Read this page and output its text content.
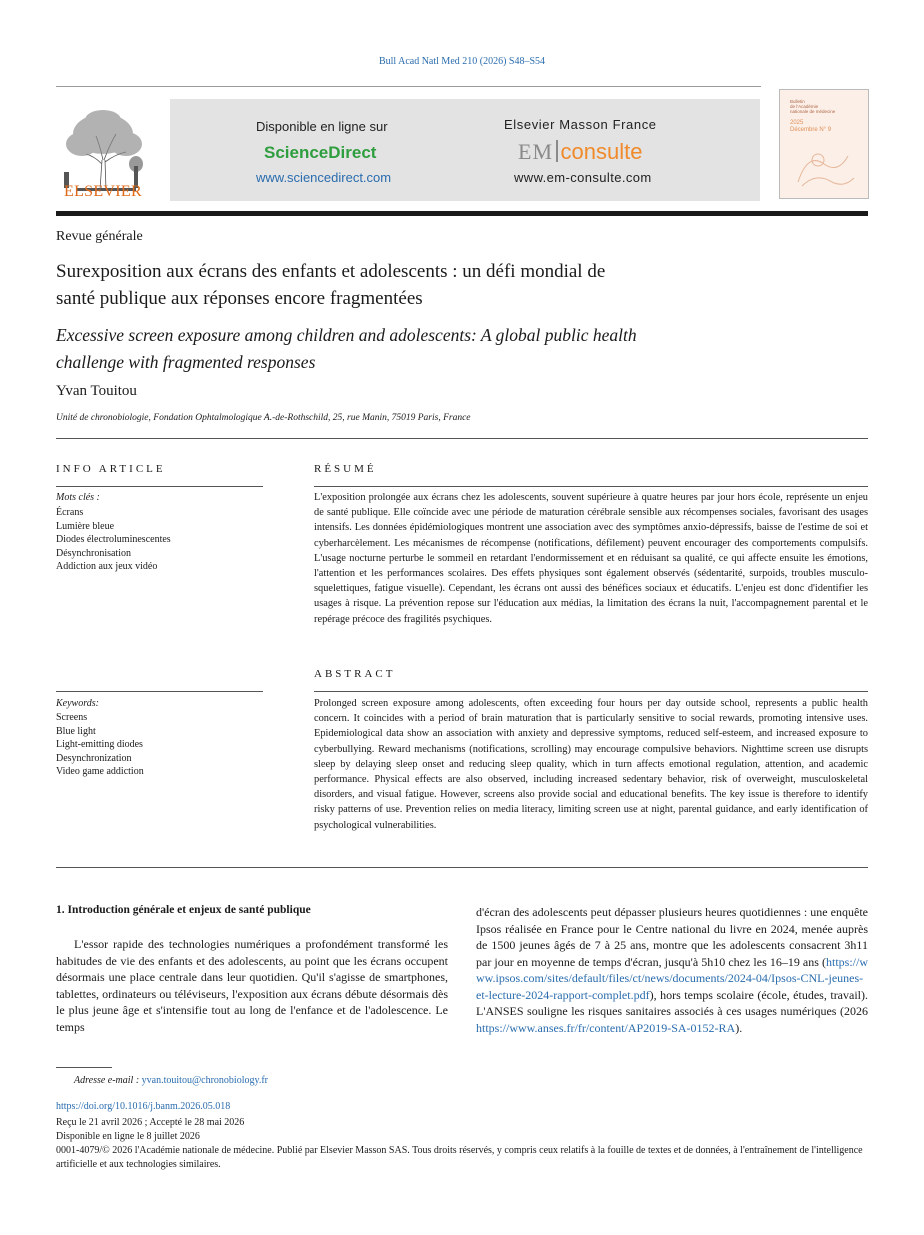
Bull Acad Natl Med 210 (2026) S48–S54
ELSEVIER
Disponible en ligne sur
ScienceDirect
www.sciencedirect.com
Elsevier Masson France
EM consulte
www.em-consulte.com
Bulletin
de l'Académie
nationale de médecine
2025
Décembre N° 9
Revue générale
Surexposition aux écrans des enfants et adolescents : un défi mondial de
santé publique aux réponses encore fragmentées
Excessive screen exposure among children and adolescents: A global public health
challenge with fragmented responses
Yvan Touitou
Unité de chronobiologie, Fondation Ophtalmologique A.-de-Rothschild, 25, rue Manin, 75019 Paris, France
INFO ARTICLE
Mots clés :
Écrans
Lumière bleue
Diodes électroluminescentes
Désynchronisation
Addiction aux jeux vidéo
Keywords:
Screens
Blue light
Light-emitting diodes
Desynchronization
Video game addiction
RÉSUMÉ
L'exposition prolongée aux écrans chez les adolescents, souvent supérieure à quatre heures par jour hors école, représente un enjeu de santé publique. Elle coïncide avec une période de maturation cérébrale sensible aux récompenses sociales, favorisant des usages intensifs. Les données épidémiologiques montrent une association avec des symptômes anxio-dépressifs, baisse de l'estime de soi et cyberharcèlement. Les mécanismes de récompense (notifications, défilement) peuvent encourager des comportements compulsifs. L'usage nocturne perturbe le sommeil en retardant l'endormissement et en réduisant sa qualité, ce qui affecte ensuite les émotions, l'attention et les performances scolaires. Des effets physiques sont également observés (sédentarité, surpoids, troubles musculo-squelettiques, fatigue visuelle). Cependant, les écrans ont aussi des bénéfices sociaux et éducatifs. L'enjeu est donc d'identifier les usages à risque. La prévention repose sur l'éducation aux médias, la limitation des écrans la nuit, l'accompagnement parental et le repérage précoce des fragilités psychiques.
ABSTRACT
Prolonged screen exposure among adolescents, often exceeding four hours per day outside school, represents a public health concern. It coincides with a period of brain maturation that is particularly sensitive to social rewards, promoting intensive uses. Epidemiological data show an association with anxiety and depressive symptoms, reduced self-esteem, and increased exposure to cyberbullying. Reward mechanisms (notifications, scrolling) may encourage compulsive behaviors. Nighttime screen use disrupts sleep by delaying sleep onset and reducing sleep quality, which in turn affects emotional regulation, attention, and academic performance. Physical effects are also observed, including increased sedentary behavior, risk of overweight, musculoskeletal disorders, and visual fatigue. However, screens also provide social and educational benefits. The key issue is therefore to identify risky patterns of use. Prevention relies on media literacy, limiting screen use at night, parental guidance, and early identification of psychological vulnerabilities.
1. Introduction générale et enjeux de santé publique
L'essor rapide des technologies numériques a profondément transformé les habitudes de vie des enfants et des adolescents, au point que les écrans occupent désormais une place centrale dans leur quotidien. Qu'il s'agisse de smartphones, tablettes, ordinateurs ou téléviseurs, l'exposition aux écrans débute désormais dès le plus jeune âge et s'intensifie tout au long de l'enfance et de l'adolescence. Le temps
d'écran des adolescents peut dépasser plusieurs heures quotidiennes : une enquête Ipsos réalisée en France pour le Centre national du livre en 2024, menée auprès de 1500 jeunes âgés de 7 à 25 ans, montre que les adolescents consacrent 3h11 par jour en moyenne de temps d'écran, jusqu'à 5h10 chez les 16–19 ans (https://www.ipsos.com/sites/default/files/ct/news/documents/2024-04/Ipsos-CNL-jeunes-et-lecture-2024-rapport-complet.pdf), hors temps scolaire (école, études, travail). L'ANSES souligne les risques sanitaires associés à ces usages numériques (2026 https://www.anses.fr/fr/content/AP2019-SA-0152-RA).
Adresse e-mail : yvan.touitou@chronobiology.fr
https://doi.org/10.1016/j.banm.2026.05.018
Reçu le 21 avril 2026 ; Accepté le 28 mai 2026
Disponible en ligne le 8 juillet 2026
0001-4079/© 2026 l'Académie nationale de médecine. Publié par Elsevier Masson SAS. Tous droits réservés, y compris ceux relatifs à la fouille de textes et de données, à l'entraînement de l'intelligence artificielle et aux technologies similaires.
